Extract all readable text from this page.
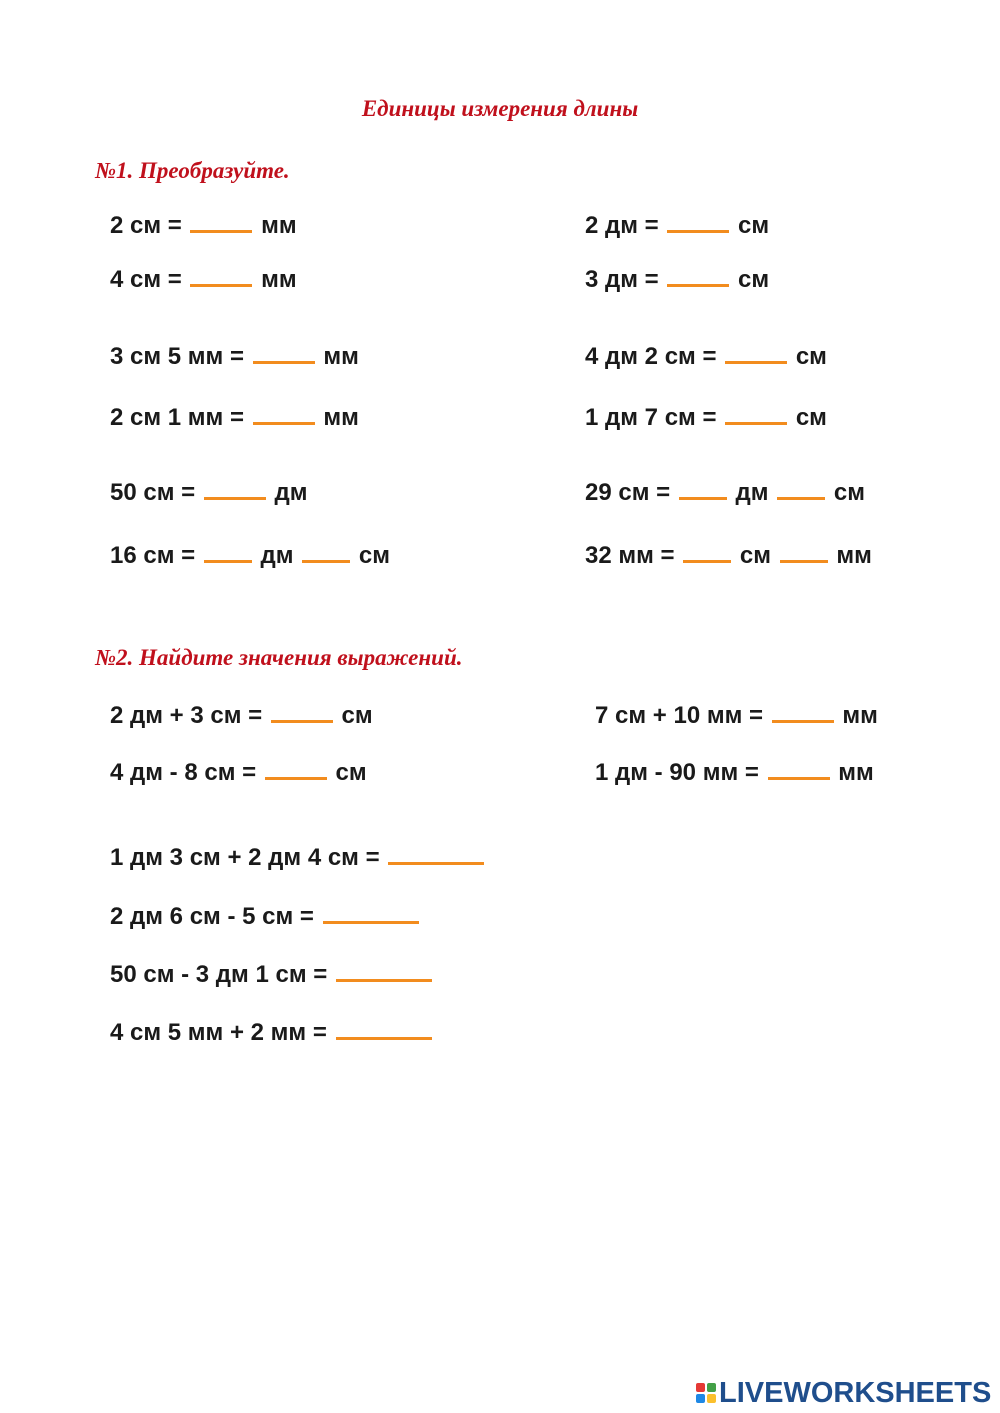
Единицы измерения длины
№1. Преобразуйте.
2 см =	мм
4 см =	мм
3 см 5 мм =	мм
2 см 1 мм =	мм
50 см =	дм
16 см =	дм	см
2 дм =	см
3 дм =	см
4 дм 2 см =	см
1 дм 7 см =	см
29 см =	дм	см
32 мм =	см	мм
№2. Найдите значения выражений.
2 дм + 3 см =	см
4 дм - 8 см =	см
7 см + 10 мм =	мм
1 дм - 90 мм =	мм
1 дм 3 см + 2 дм 4 см =
2 дм 6 см - 5 см =
50 см - 3 дм 1 см =
4 см 5 мм + 2 мм =
LIVEWORKSHEETS
